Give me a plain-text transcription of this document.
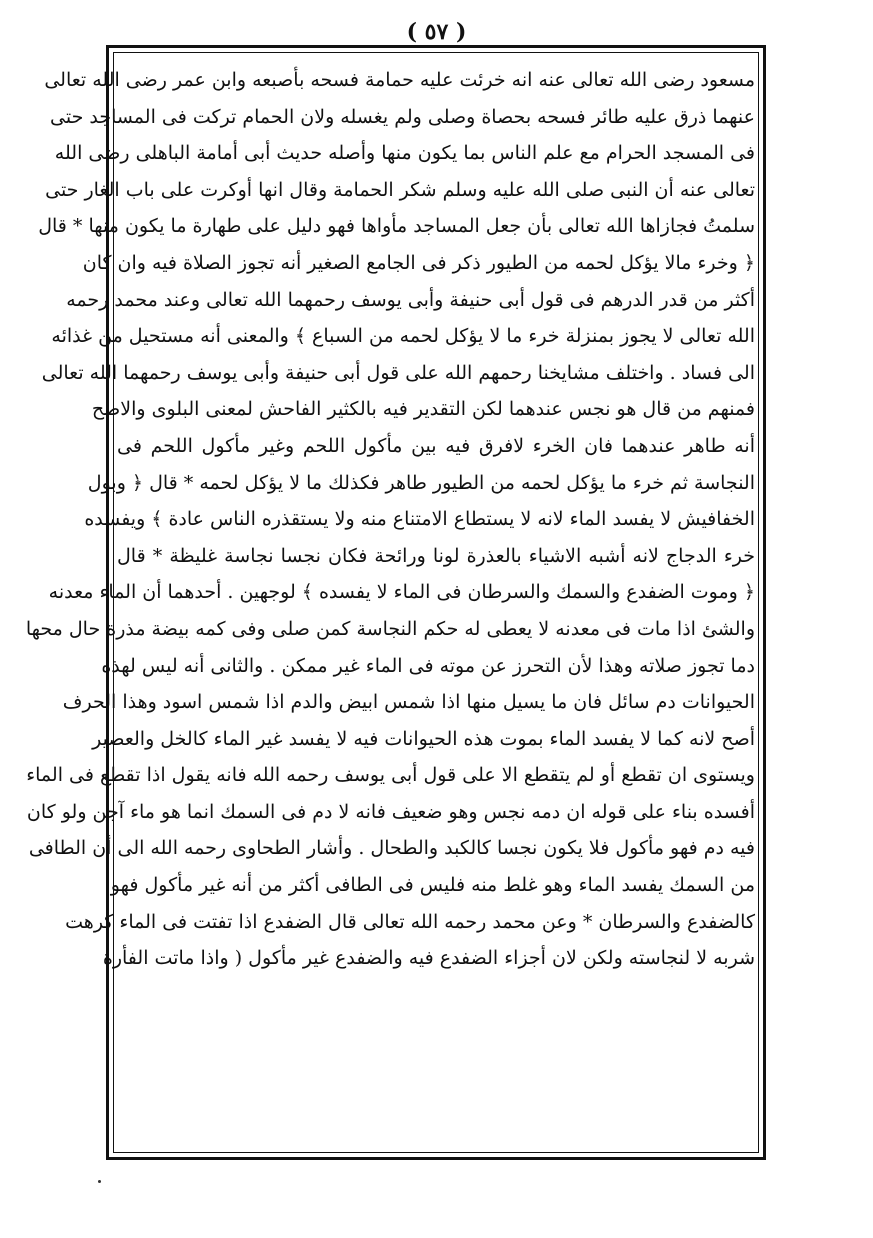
( ٥٧ )
مسعود رضى الله تعالى عنه انه خرئت عليه حمامة فسحه بأصبعه وابن عمر رضى الله تعالى
عنهما ذرق عليه طائر فسحه بحصاة وصلى ولم يغسله ولان الحمام تركت فى المساجد حتى
فى المسجد الحرام مع علم الناس بما يكون منها وأصله حديث أبى أمامة الباهلى رضى الله
تعالى عنه أن النبى صلى الله عليه وسلم شكر الحمامة وقال انها أوكرت على باب الغار حتى
سلمتُ فجازاها الله تعالى بأن جعل المساجد مأواها فهو دليل على طهارة ما يكون منها * قال
﴿ وخرء مالا يؤكل لحمه من الطيور ذكر فى الجامع الصغير أنه تجوز الصلاة فيه وان كان
أكثر من قدر الدرهم فى قول أبى حنيفة وأبى يوسف رحمهما الله تعالى وعند محمد رحمه
الله تعالى لا يجوز بمنزلة خرء ما لا يؤكل لحمه من السباع ﴾ والمعنى أنه مستحيل من غذائه
الى فساد . واختلف مشايخنا رحمهم الله على قول أبى حنيفة وأبى يوسف رحمهما الله تعالى
فمنهم من قال هو نجس عندهما لكن التقدير فيه بالكثير الفاحش لمعنى البلوى والاصح
أنه طاهر عندهما فان الخرء لافرق فيه بين مأكول اللحم وغير مأكول اللحم فى
النجاسة ثم خرء ما يؤكل لحمه من الطيور طاهر فكذلك ما لا يؤكل لحمه * قال ﴿ وبول
الخفافيش لا يفسد الماء لانه لا يستطاع الامتناع منه ولا يستقذره الناس عادة ﴾ ويفسده
خرء الدجاج لانه أشبه الاشياء بالعذرة لونا ورائحة فكان نجسا نجاسة غليظة * قال
﴿ وموت الضفدع والسمك والسرطان فى الماء لا يفسده ﴾ لوجهين . أحدهما أن الماء معدنه
والشئ اذا مات فى معدنه لا يعطى له حكم النجاسة كمن صلى وفى كمه بيضة مذرة حال محها
دما تجوز صلاته وهذا لأن التحرز عن موته فى الماء غير ممكن . والثانى أنه ليس لهذه
الحيوانات دم سائل فان ما يسيل منها اذا شمس ابيض والدم اذا شمس اسود وهذا الحرف
أصح لانه كما لا يفسد الماء بموت هذه الحيوانات فيه لا يفسد غير الماء كالخل والعصير
ويستوى ان تقطع أو لم يتقطع الا على قول أبى يوسف رحمه الله فانه يقول اذا تقطع فى الماء
أفسده بناء على قوله ان دمه نجس وهو ضعيف فانه لا دم فى السمك انما هو ماء آجن ولو كان
فيه دم فهو مأكول فلا يكون نجسا كالكبد والطحال . وأشار الطحاوى رحمه الله الى أن الطافى
من السمك يفسد الماء وهو غلط منه فليس فى الطافى أكثر من أنه غير مأكول فهو
كالضفدع والسرطان * وعن محمد رحمه الله تعالى قال الضفدع اذا تفتت فى الماء كرهت
شربه لا لنجاسته ولكن لان أجزاء الضفدع فيه والضفدع غير مأكول ( واذا ماتت الفأرة
